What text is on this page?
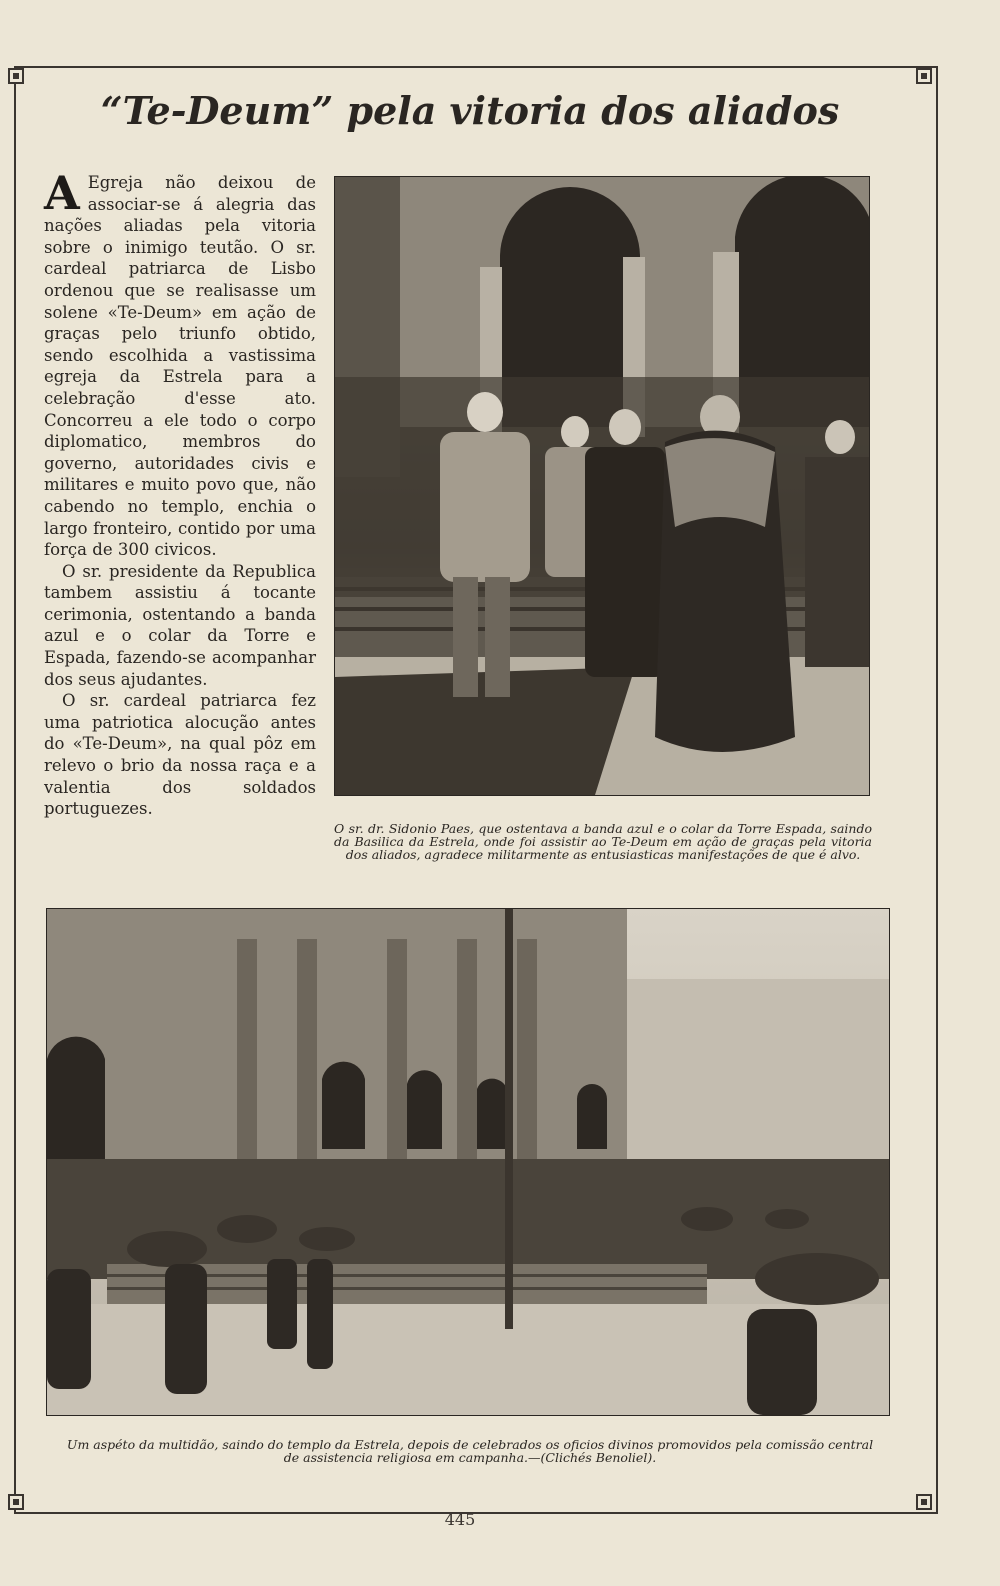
“Te-Deum” pela vitoria dos aliados

A Egreja não deixou de associar-se á alegria das nações aliadas pela vitoria sobre o inimigo teutão. O sr. cardeal patriarca de Lisbo ordenou que se realisasse um solene «Te-Deum» em ação de graças pelo triunfo obtido, sendo escolhida a vastissima egreja da Estrela para a celebração d'esse ato. Concorreu a ele todo o corpo diplomatico, membros do governo, autoridades civis e militares e muito povo que, não cabendo no templo, enchia o largo fronteiro, contido por uma força de 300 civicos.

O sr. presidente da Republica tambem assistiu á tocante cerimonia, ostentando a banda azul e o colar da Torre e Espada, fazendo-se acompanhar dos seus ajudantes.

O sr. cardeal patriarca fez uma patriotica alocução antes do «Te-Deum», na qual pôz em relevo o brio da nossa raça e a valentia dos soldados portuguezes.

O sr. dr. Sidonio Paes, que ostentava a banda azul e o colar da Torre Espada, saindo da Basilica da Estrela, onde foi assistir ao Te-Deum em ação de graças pela vitoria dos aliados, agradece militarmente as entusiasticas manifestações de que é alvo.

Um aspéto da multidão, saindo do templo da Estrela, depois de celebrados os oficios divinos promovidos pela comissão central de assistencia religiosa em campanha.—(Clichés Benoliel).

445
